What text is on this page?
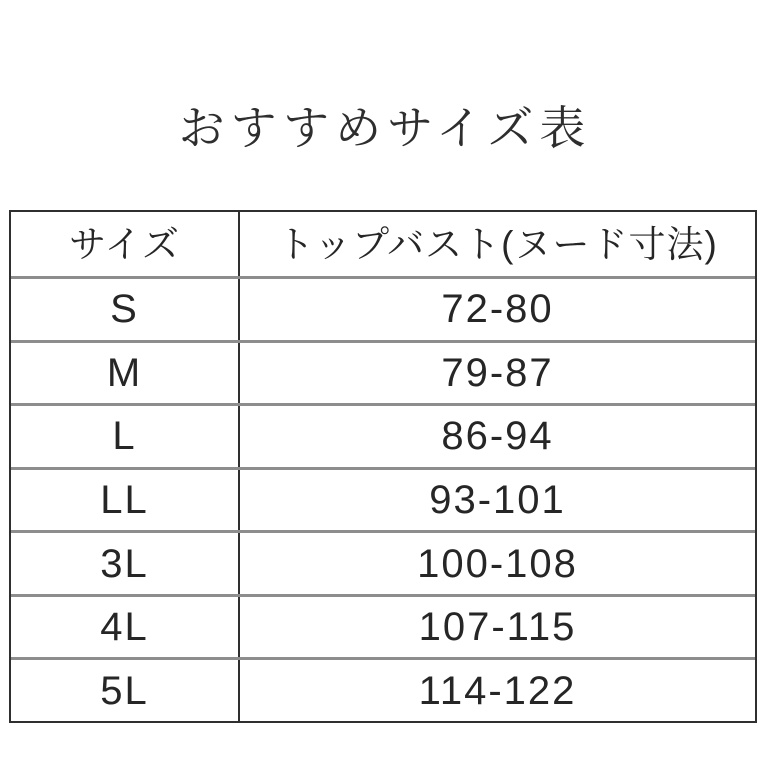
おすすめサイズ表
サイズ	トップバスト(ヌード寸法)
S	72-80
M	79-87
L	86-94
LL	93-101
3L	100-108
4L	107-115
5L	114-122
